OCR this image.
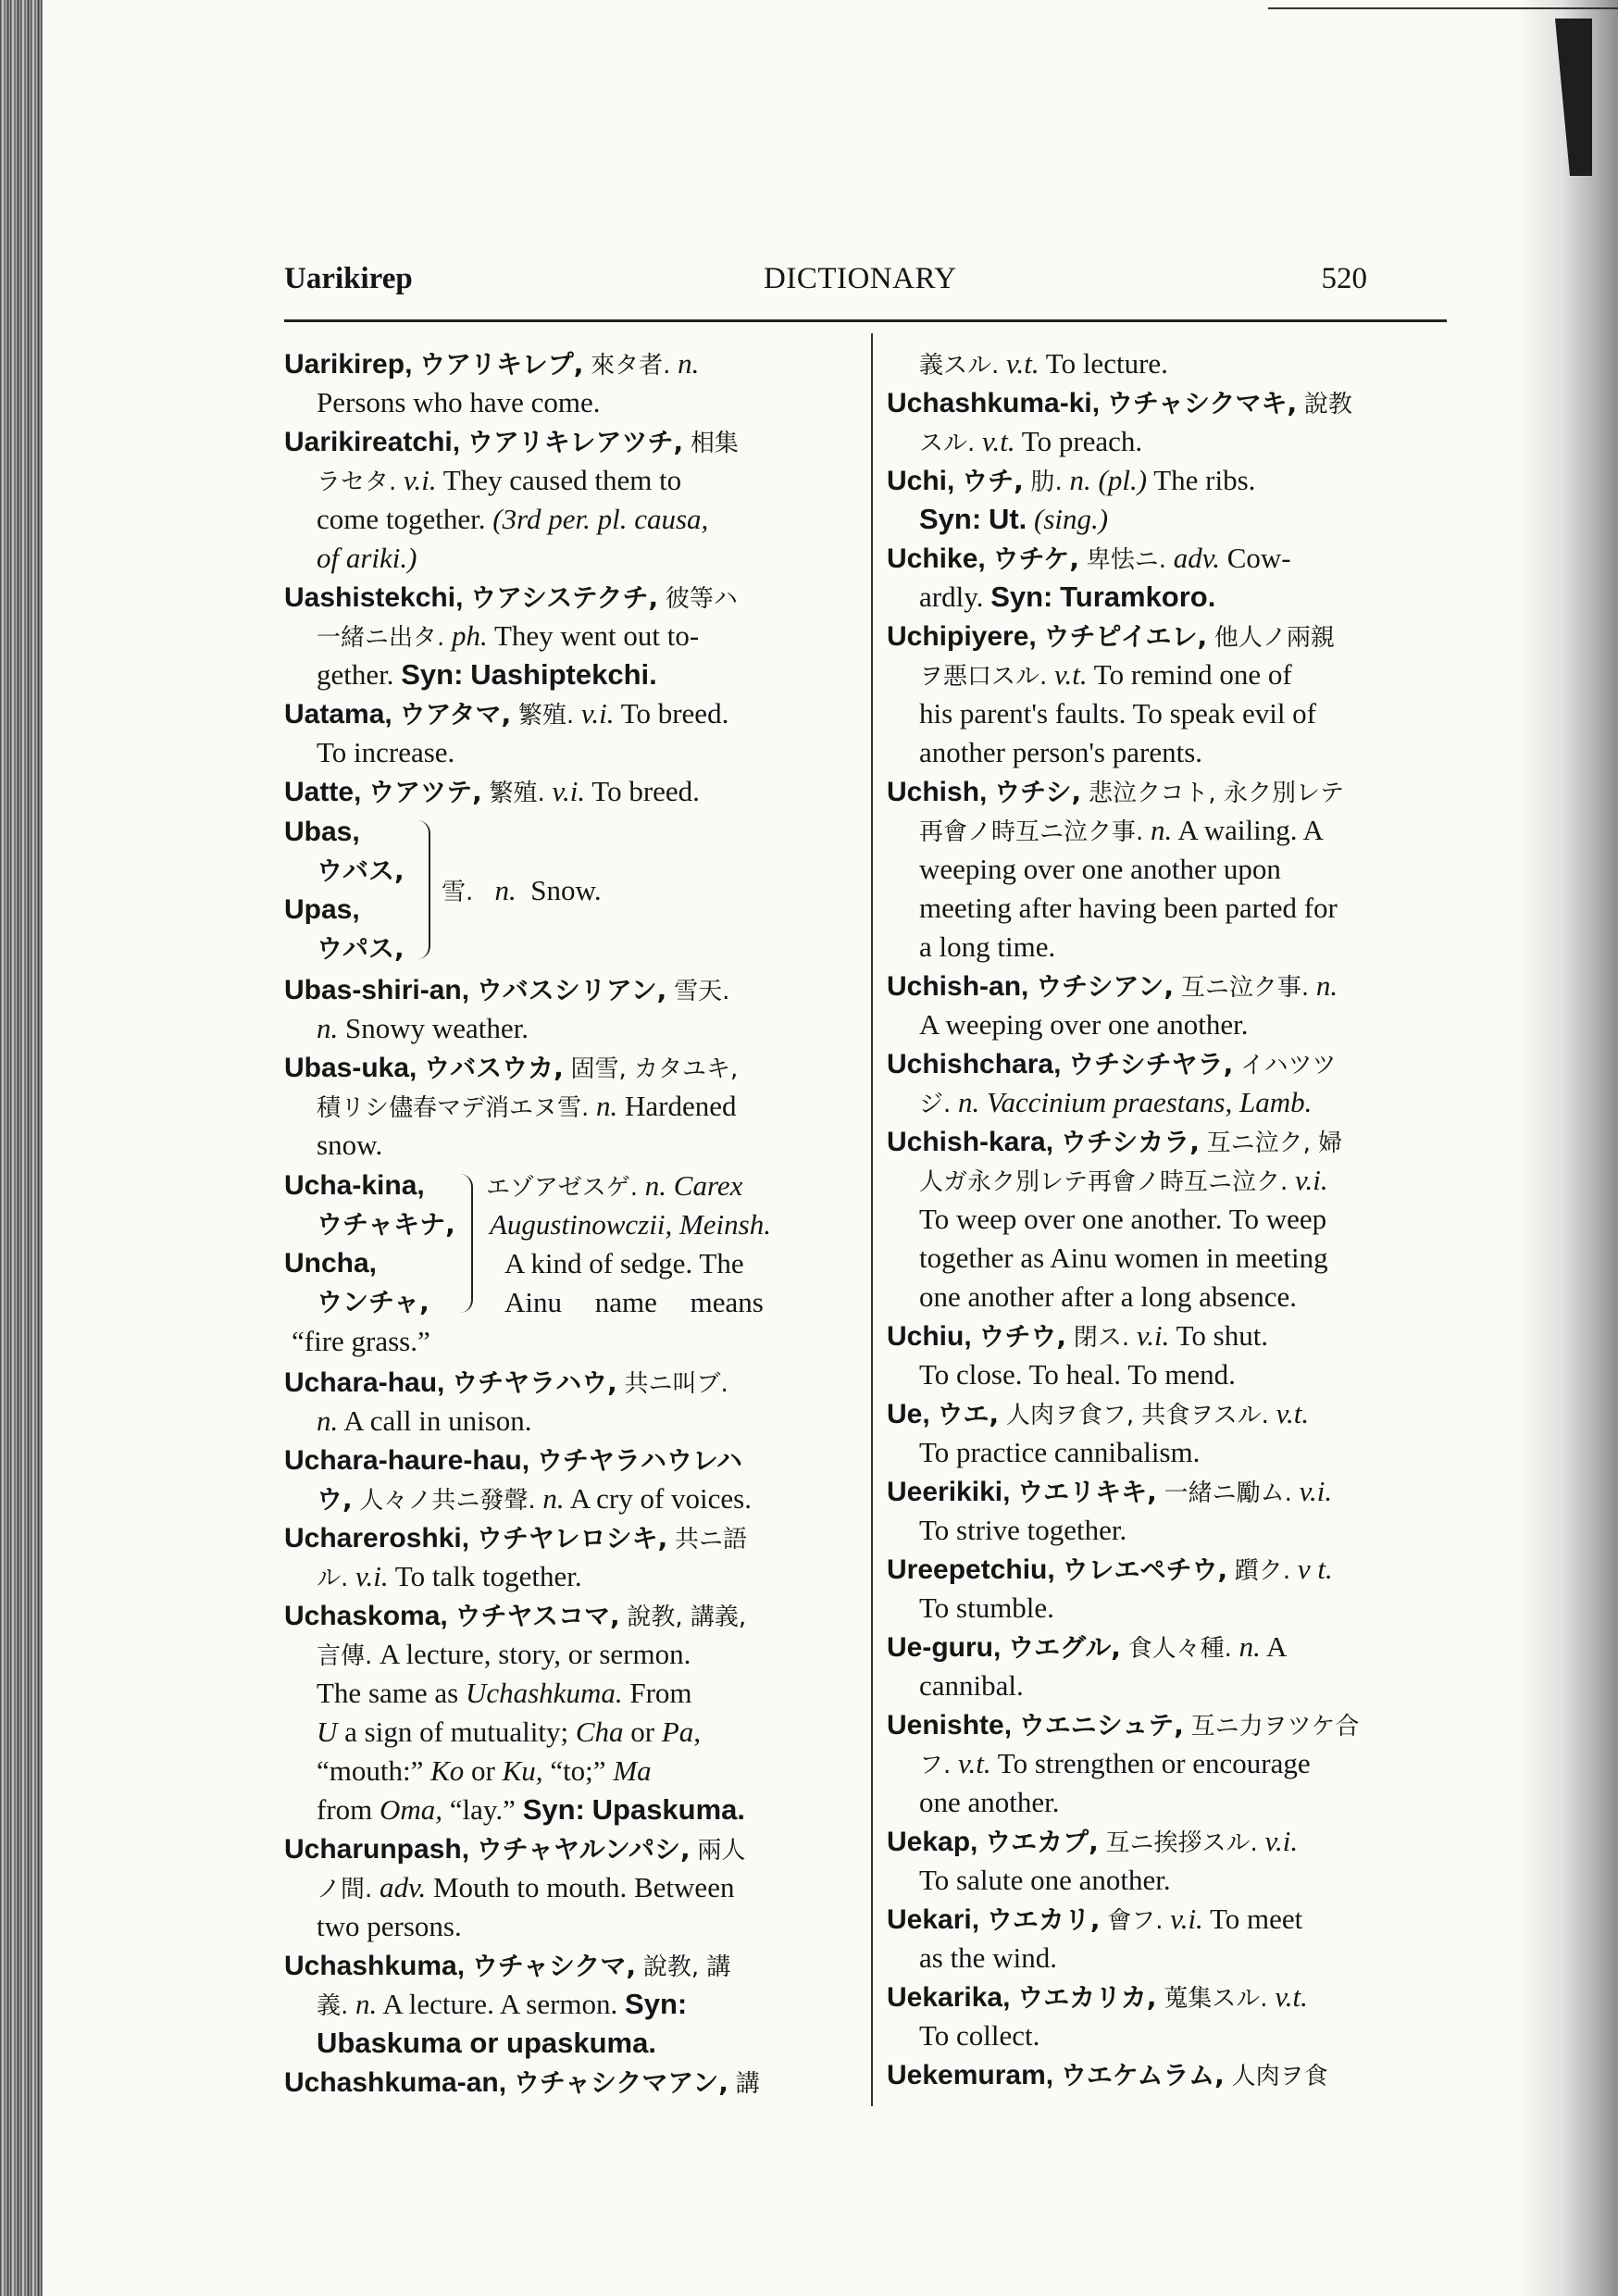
Uarikirep	DICTIONARY	520
Uarikirep, ウアリキレプ, 來タ者. n.
Persons who have come.
Uarikireatchi, ウアリキレアツチ, 相集
ラセタ. v.i. They caused them to
come together. (3rd per. pl. causa,
of ariki.)
Uashistekchi, ウアシステクチ, 彼等ハ
一緒ニ出タ. ph. They went out to-
gether. Syn: Uashiptekchi.
Uatama, ウアタマ, 繁殖. v.i. To breed.
To increase.
Uatte, ウアツテ, 繁殖. v.i. To breed.
Ubas,
ウバス,
Upas,
ウパス,
雪. n. Snow.
Ubas-shiri-an, ウバスシリアン, 雪天.
n. Snowy weather.
Ubas-uka, ウバスウカ, 固雪, カタユキ,
積リシ儘春マデ消エヌ雪. n. Hardened
snow.
Ucha-kina,
ウチャキナ,
Uncha,
ウンチャ,
エゾアゼスゲ. n. Carex
Augustinowczii, Meinsh.
A kind of sedge. The
Ainu name means
“fire grass.”
Uchara-hau, ウチヤラハウ, 共ニ叫ブ.
n. A call in unison.
Uchara-haure-hau, ウチヤラハウレハ
ウ, 人々ノ共ニ發聲. n. A cry of voices.
Uchareroshki, ウチヤレロシキ, 共ニ語
ル. v.i. To talk together.
Uchaskoma, ウチヤスコマ, 說教, 講義,
言傳. A lecture, story, or sermon.
The same as Uchashkuma. From
U a sign of mutuality; Cha or Pa,
“mouth:” Ko or Ku, “to;” Ma
from Oma, “lay.” Syn: Upaskuma.
Ucharunpash, ウチャヤルンパシ, 兩人
ノ間. adv. Mouth to mouth. Between
two persons.
Uchashkuma, ウチャシクマ, 說教, 講
義. n. A lecture. A sermon. Syn:
Ubaskuma or upaskuma.
Uchashkuma-an, ウチャシクマアン, 講
義スル. v.t. To lecture.
Uchashkuma-ki, ウチャシクマキ, 說教
スル. v.t. To preach.
Uchi, ウチ, 肋. n. (pl.) The ribs.
Syn: Ut. (sing.)
Uchike, ウチケ, 卑怯ニ. adv. Cow-
ardly. Syn: Turamkoro.
Uchipiyere, ウチピイエレ, 他人ノ兩親
ヲ悪口スル. v.t. To remind one of
his parent's faults. To speak evil of
another person's parents.
Uchish, ウチシ, 悲泣クコト, 永ク別レテ
再會ノ時互ニ泣ク事. n. A wailing. A
weeping over one another upon
meeting after having been parted for
a long time.
Uchish-an, ウチシアン, 互ニ泣ク事. n.
A weeping over one another.
Uchishchara, ウチシチヤラ, イハツツ
ジ. n. Vaccinium praestans, Lamb.
Uchish-kara, ウチシカラ, 互ニ泣ク, 婦
人ガ永ク別レテ再會ノ時互ニ泣ク. v.i.
To weep over one another. To weep
together as Ainu women in meeting
one another after a long absence.
Uchiu, ウチウ, 閉ス. v.i. To shut.
To close. To heal. To mend.
Ue, ウエ, 人肉ヲ食フ, 共食ヲスル. v.t.
To practice cannibalism.
Ueerikiki, ウエリキキ, 一緒ニ勵ム. v.i.
To strive together.
Ureepetchiu, ウレエペチウ, 躓ク. v t.
To stumble.
Ue-guru, ウエグル, 食人々種. n. A
cannibal.
Uenishte, ウエニシュテ, 互ニ力ヲツケ合
フ. v.t. To strengthen or encourage
one another.
Uekap, ウエカプ, 互ニ挨拶スル. v.i.
To salute one another.
Uekari, ウエカリ, 會フ. v.i. To meet
as the wind.
Uekarika, ウエカリカ, 蒐集スル. v.t.
To collect.
Uekemuram, ウエケムラム, 人肉ヲ食
